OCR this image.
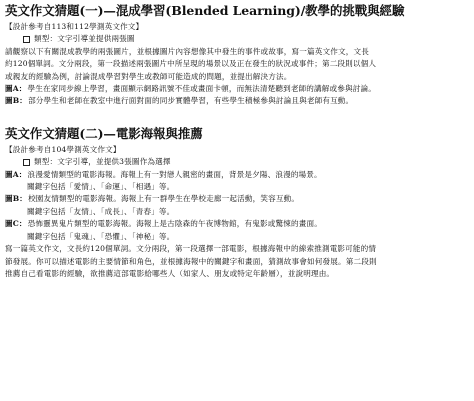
英文作文猜題(一)—混成學習(Blended Learning)/教學的挑戰與經驗

【設計參考自113和112學測英文作文】

類型：文字引導並提供兩張圖

請觀察以下有關混成教學的兩張圖片，並根據圖片內容想像其中發生的事件或故事，寫一篇英文作文，文長

約120個單詞。文分兩段，第一段描述兩張圖片中所呈現的場景以及正在發生的狀況或事件；第二段則以個人

或親友的經驗為例，討論混成學習對學生或教師可能造成的問題，並提出解決方法。

圖A： 學生在家同步線上學習，畫面顯示網路訊號不佳或畫面卡頓，而無法清楚聽到老師的講解或參與討論。

圖B： 部分學生和老師在教室中進行面對面的同步實體學習，有些學生積極參與討論且與老師有互動。

英文作文猜題(二)—電影海報與推薦

【設計參考自104學測英文作文】

類型：文字引導，並提供3張圖作為選擇

圖A： 浪漫愛情類型的電影海報。海報上有一對戀人親密的畫面，背景是夕陽、浪漫的場景。

關鍵字包括「愛情」、「命運」、「相遇」等。

圖B： 校園友情類型的電影海報。海報上有一群學生在學校走廊一起活動，笑容互動。

關鍵字包括「友情」、「成長」、「青春」等。

圖C： 恐怖靈異鬼片類型的電影海報。海報上是古陰森的午夜博物館，有鬼影或驚悚的畫面。

關鍵字包括「鬼魂」、「恐懼」、「神秘」等。

寫一篇英文作文，文長約120個單詞。文分兩段，第一段選擇一部電影，根據海報中的線索推測電影可能的情

節發展。你可以描述電影的主要情節和角色，並根據海報中的關鍵字和畫面，猜測故事會如何發展。第二段則

推薦自己看電影的經驗，欲推薦這部電影給哪些人（如家人、朋友或特定年齡層），並說明理由。
